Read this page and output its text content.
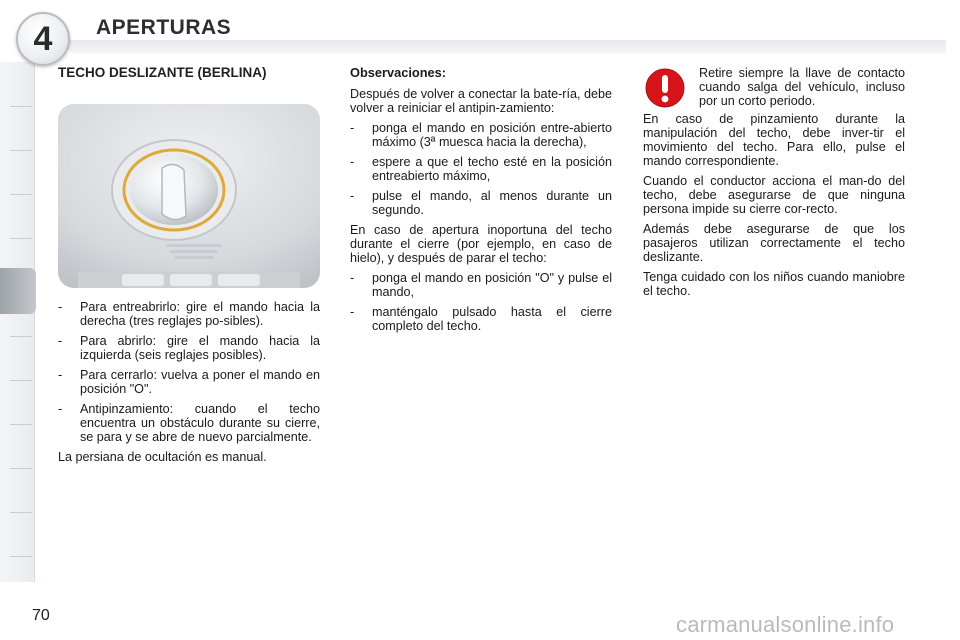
4 APERTURAS
TECHO DESLIZANTE (BERLINA)
- Para entreabrirlo: gire el mando hacia la derecha (tres reglajes po-sibles).
- Para abrirlo: gire el mando hacia la izquierda (seis reglajes posibles).
- Para cerrarlo: vuelva a poner el mando en posición "O".
- Antipinzamiento: cuando el techo encuentra un obstáculo durante su cierre, se para y se abre de nuevo parcialmente.

La persiana de ocultación es manual.

Observaciones:

Después de volver a conectar la bate-ría, debe volver a reiniciar el antipin-zamiento:

- ponga el mando en posición entre-abierto máximo (3ª muesca hacia la derecha),
- espere a que el techo esté en la posición entreabierto máximo,
- pulse el mando, al menos durante un segundo.

En caso de apertura inoportuna del techo durante el cierre (por ejemplo, en caso de hielo), y después de parar el techo:

- ponga el mando en posición "O" y pulse el mando,
- manténgalo pulsado hasta el cierre completo del techo.
Retire siempre la llave de contacto cuando salga del vehículo, incluso por un corto periodo.

En caso de pinzamiento durante la manipulación del techo, debe inver-tir el movimiento del techo. Para ello, pulse el mando correspondiente.

Cuando el conductor acciona el man-do del techo, debe asegurarse de que ninguna persona impide su cierre cor-recto.

Además debe asegurarse de que los pasajeros utilizan correctamente el techo deslizante.

Tenga cuidado con los niños cuando maniobre el techo.

70	carmanualsonline.info
